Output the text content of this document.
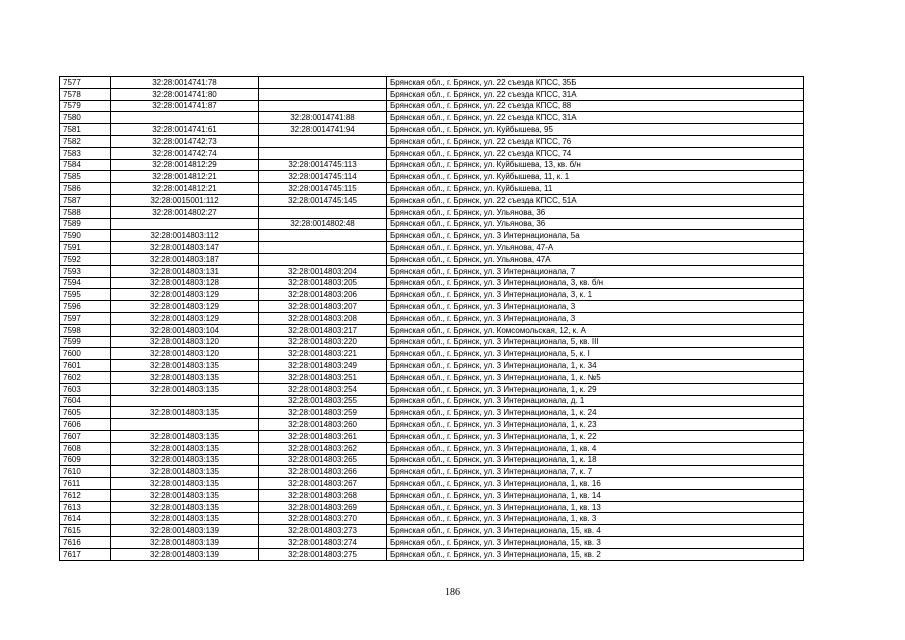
7577	32:28:0014741:78		Брянская обл., г. Брянск, ул. 22 съезда КПСС, 35Б
7578	32:28:0014741:80		Брянская обл., г. Брянск, ул. 22 съезда КПСС, 31А
7579	32:28:0014741:87		Брянская обл., г. Брянск, ул. 22 съезда КПСС, 88
7580		32:28:0014741:88	Брянская обл., г. Брянск, ул. 22 съезда КПСС, 31А
7581	32:28:0014741:61	32:28:0014741:94	Брянская обл., г. Брянск, ул. Куйбышева, 95
7582	32:28:0014742:73		Брянская обл., г. Брянск, ул. 22 съезда КПСС, 76
7583	32:28:0014742:74		Брянская обл., г. Брянск, ул. 22 съезда КПСС, 74
7584	32:28:0014812:29	32:28:0014745:113	Брянская обл., г. Брянск, ул. Куйбышева, 13, кв. б/н
7585	32:28:0014812:21	32:28:0014745:114	Брянская обл., г. Брянск, ул. Куйбышева, 11, к. 1
7586	32:28:0014812:21	32:28:0014745:115	Брянская обл., г. Брянск, ул. Куйбышева, 11
7587	32:28:0015001:112	32:28:0014745:145	Брянская обл., г. Брянск, ул. 22 съезда КПСС, 51А
7588	32:28:0014802:27		Брянская обл., г. Брянск, ул. Ульянова, 36
7589		32:28:0014802:48	Брянская обл., г. Брянск, ул. Ульянова, 36
7590	32:28:0014803:112		Брянская обл., г. Брянск, ул. 3 Интернационала, 5а
7591	32:28:0014803:147		Брянская обл., г. Брянск, ул. Ульянова, 47-А
7592	32:28:0014803:187		Брянская обл., г. Брянск, ул. Ульянова, 47А
7593	32:28:0014803:131	32:28:0014803:204	Брянская обл., г. Брянск, ул. 3 Интернационала, 7
7594	32:28:0014803:128	32:28:0014803:205	Брянская обл., г. Брянск, ул. 3 Интернационала, 3, кв. б/н
7595	32:28:0014803:129	32:28:0014803:206	Брянская обл., г. Брянск, ул. 3 Интернационала, 3, к. 1
7596	32:28:0014803:129	32:28:0014803:207	Брянская обл., г. Брянск, ул. 3 Интернационала, 3
7597	32:28:0014803:129	32:28:0014803:208	Брянская обл., г. Брянск, ул. 3 Интернационала, 3
7598	32:28:0014803:104	32:28:0014803:217	Брянская обл., г. Брянск, ул. Комсомольская, 12, к. А
7599	32:28:0014803:120	32:28:0014803:220	Брянская обл., г. Брянск, ул. 3 Интернационала, 5, кв. III
7600	32:28:0014803:120	32:28:0014803:221	Брянская обл., г. Брянск, ул. 3 Интернационала, 5, к. I
7601	32:28:0014803:135	32:28:0014803:249	Брянская обл., г. Брянск, ул. 3 Интернационала, 1, к. 34
7602	32:28:0014803:135	32:28:0014803:251	Брянская обл., г. Брянск, ул. 3 Интернационала, 1, к. №5
7603	32:28:0014803:135	32:28:0014803:254	Брянская обл., г. Брянск, ул. 3 Интернационала, 1, к. 29
7604		32:28:0014803:255	Брянская обл., г. Брянск, ул. 3 Интернационала, д. 1
7605	32:28:0014803:135	32:28:0014803:259	Брянская обл., г. Брянск, ул. 3 Интернационала, 1, к. 24
7606		32:28:0014803:260	Брянская обл., г. Брянск, ул. 3 Интернационала, 1, к. 23
7607	32:28:0014803:135	32:28:0014803:261	Брянская обл., г. Брянск, ул. 3 Интернационала, 1, к. 22
7608	32:28:0014803:135	32:28:0014803:262	Брянская обл., г. Брянск, ул. 3 Интернационала, 1, кв. 4
7609	32:28:0014803:135	32:28:0014803:265	Брянская обл., г. Брянск, ул. 3 Интернационала, 1, к. 18
7610	32:28:0014803:135	32:28:0014803:266	Брянская обл., г. Брянск, ул. 3 Интернационала, 7, к. 7
7611	32:28:0014803:135	32:28:0014803:267	Брянская обл., г. Брянск, ул. 3 Интернационала, 1, кв. 16
7612	32:28:0014803:135	32:28:0014803:268	Брянская обл., г. Брянск, ул. 3 Интернационала, 1, кв. 14
7613	32:28:0014803:135	32:28:0014803:269	Брянская обл., г. Брянск, ул. 3 Интернационала, 1, кв. 13
7614	32:28:0014803:135	32:28:0014803:270	Брянская обл., г. Брянск, ул. 3 Интернационала, 1, кв. 3
7615	32:28:0014803:139	32:28:0014803:273	Брянская обл., г. Брянск, ул. 3 Интернационала, 15, кв. 4
7616	32:28:0014803:139	32:28:0014803:274	Брянская обл., г. Брянск, ул. 3 Интернационала, 15, кв. 3
7617	32:28:0014803:139	32:28:0014803:275	Брянская обл., г. Брянск, ул. 3 Интернационала, 15, кв. 2
186
